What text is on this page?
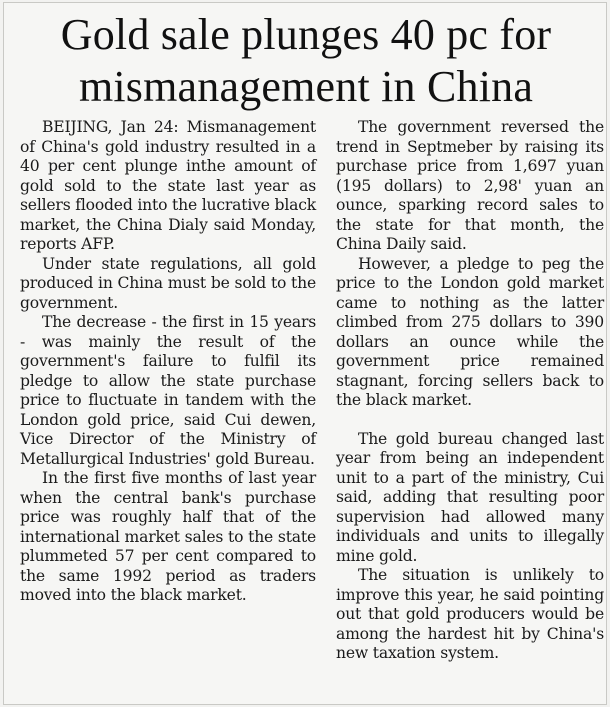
Gold sale plunges 40 pc for
mismanagement in China

BEIJING, Jan 24: Mismanagement of China's gold industry resulted in a 40 per cent plunge inthe amount of gold sold to the state last year as sellers flooded into the lucrative black market, the China Dialy said Monday, reports AFP.

Under state regulations, all gold produced in China must be sold to the government.

The decrease - the first in 15 years - was mainly the result of the government's failure to fulfil its pledge to allow the state purchase price to fluctuate in tandem with the London gold price, said Cui dewen, Vice Director of the Ministry of Metallurgical Industries' gold Bureau.

In the first five months of last year when the central bank's purchase price was roughly half that of the international market sales to the state plummeted 57 per cent compared to the same 1992 period as traders moved into the black market.

The government reversed the trend in Septmeber by raising its purchase price from 1,697 yuan (195 dollars) to 2,98' yuan an ounce, sparking record sales to the state for that month, the China Daily said.

However, a pledge to peg the price to the London gold market came to nothing as the latter climbed from 275 dollars to 390 dollars an ounce while the government price remained stagnant, forcing sellers back to the black market.

The gold bureau changed last year from being an independent unit to a part of the ministry, Cui said, adding that resulting poor supervision had allowed many individuals and units to illegally mine gold.

The situation is unlikely to improve this year, he said pointing out that gold producers would be among the hardest hit by China's new taxation system.
